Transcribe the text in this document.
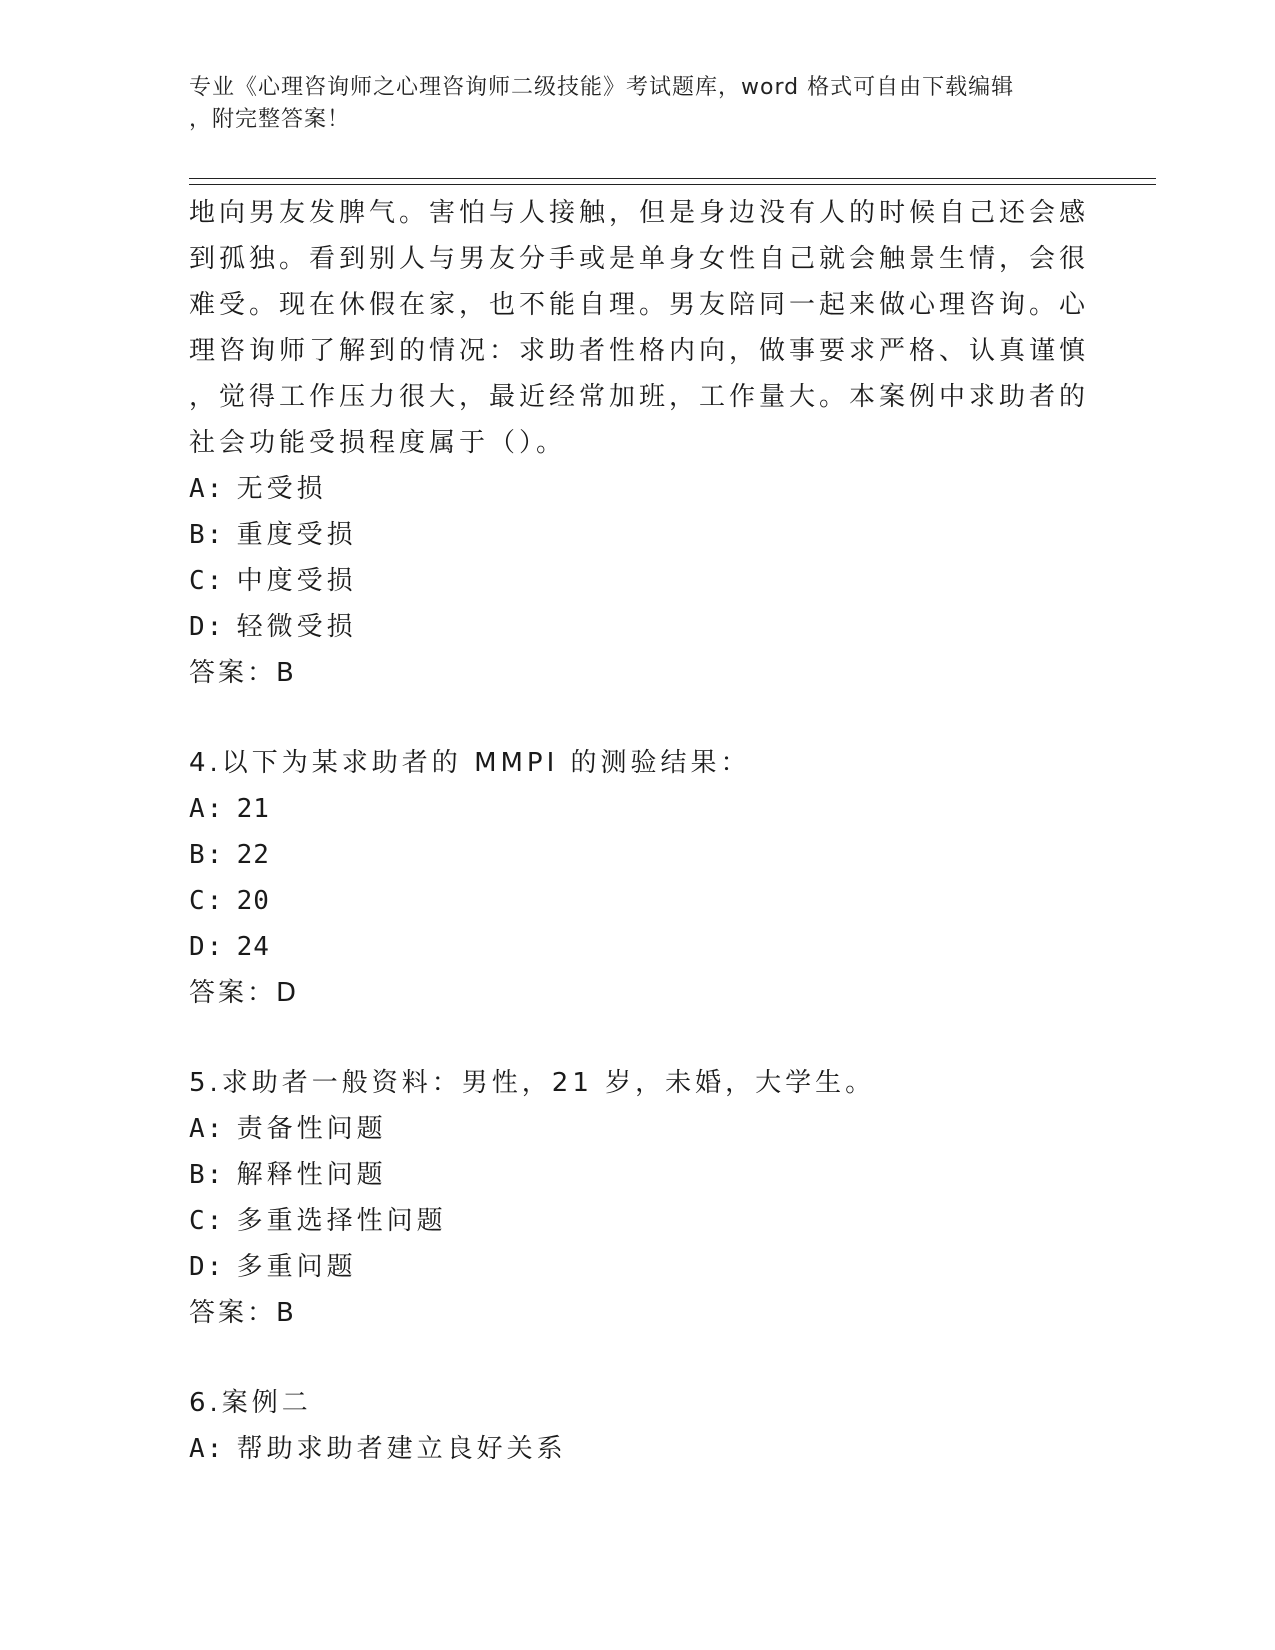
专业《心理咨询师之心理咨询师二级技能》考试题库，word 格式可自由下载编辑
，附完整答案！
地向男友发脾气。害怕与人接触，但是身边没有人的时候自己还会感
到孤独。看到别人与男友分手或是单身女性自己就会触景生情，会很
难受。现在休假在家，也不能自理。男友陪同一起来做心理咨询。心
理咨询师了解到的情况：求助者性格内向，做事要求严格、认真谨慎
，觉得工作压力很大，最近经常加班，工作量大。本案例中求助者的
社会功能受损程度属于（）。
A: 无受损
B: 重度受损
C: 中度受损
D: 轻微受损
答案：B
4.以下为某求助者的 MMPI 的测验结果：
A: 21
B: 22
C: 20
D: 24
答案：D
5.求助者一般资料：男性，21 岁，未婚，大学生。
A: 责备性问题
B: 解释性问题
C: 多重选择性问题
D: 多重问题
答案：B
6.案例二
A: 帮助求助者建立良好关系
